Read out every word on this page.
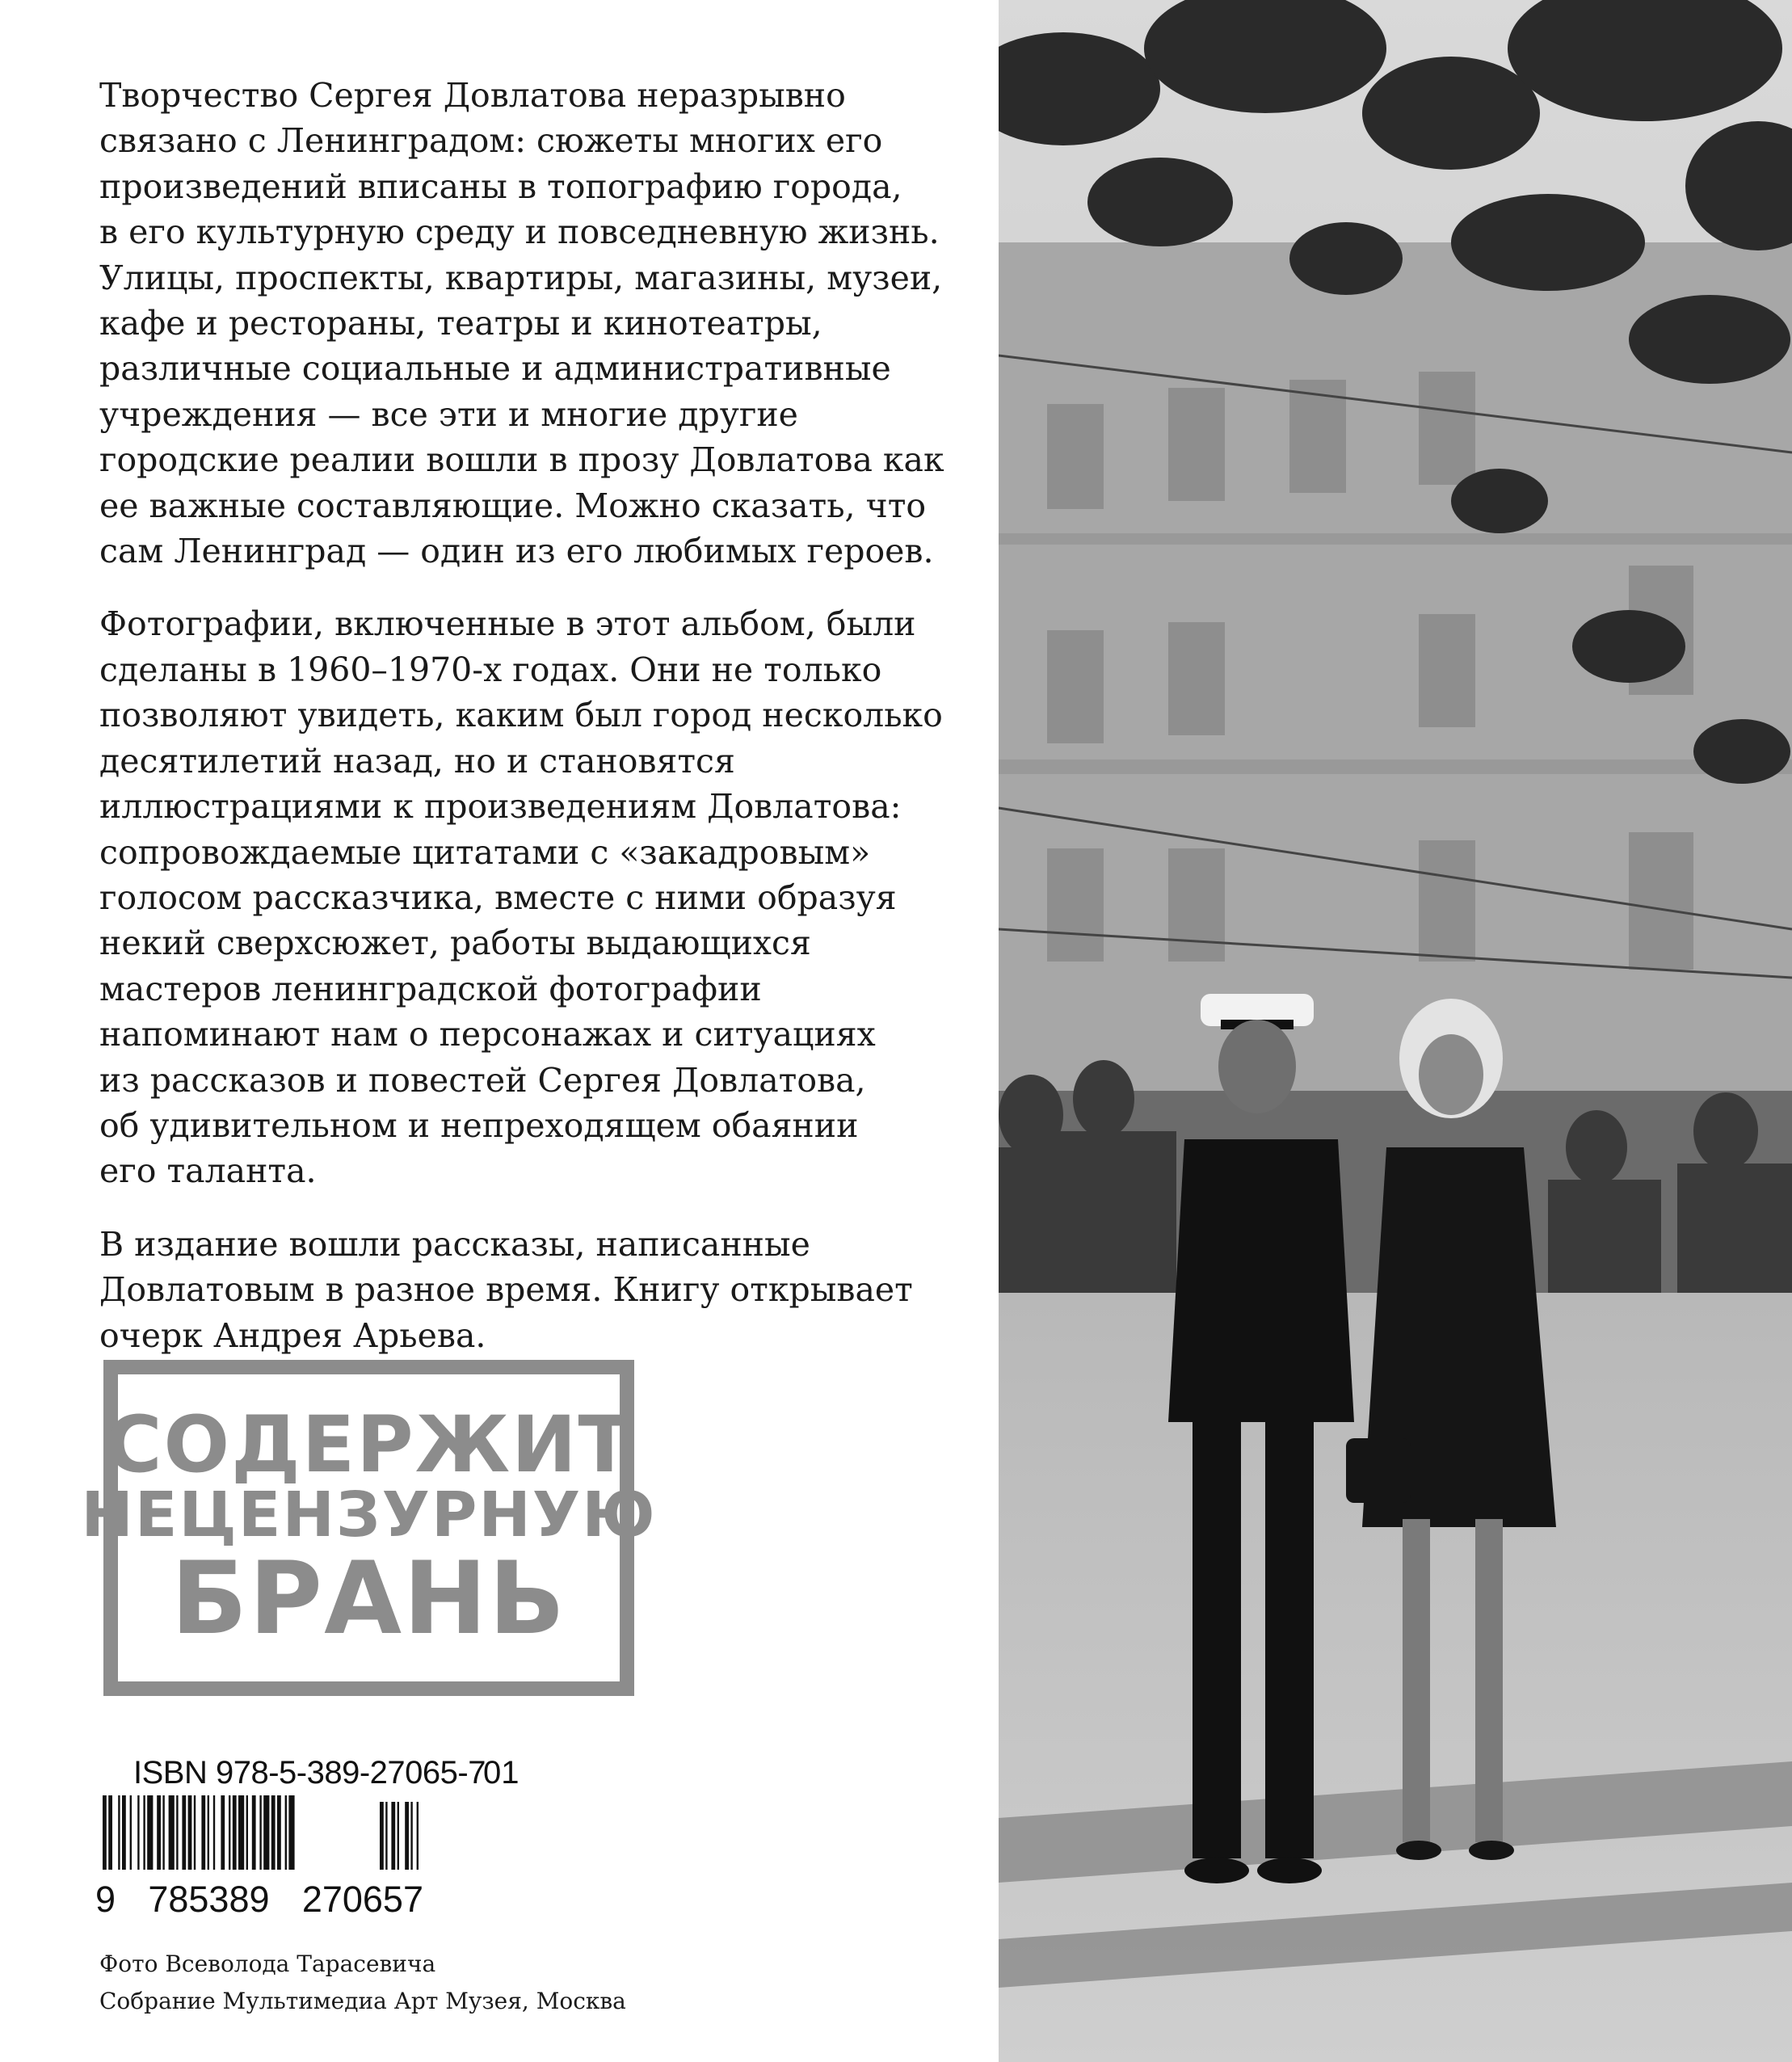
Творчество Сергея Довлатова неразрывно
связано с Ленинградом: сюжеты многих его
произведений вписаны в топографию города,
в его культурную среду и повседневную жизнь.
Улицы, проспекты, квартиры, магазины, музеи,
кафе и рестораны, театры и кинотеатры,
различные социальные и административные
учреждения — все эти и многие другие
городские реалии вошли в прозу Довлатова как
ее важные составляющие. Можно сказать, что
сам Ленинград — один из его любимых героев.

Фотографии, включенные в этот альбом, были
сделаны в 1960–1970-х годах. Они не только
позволяют увидеть, каким был город несколько
десятилетий назад, но и становятся
иллюстрациями к произведениям Довлатова:
сопровождаемые цитатами с «закадровым»
голосом рассказчика, вместе с ними образуя
некий сверхсюжет, работы выдающихся
мастеров ленинградской фотографии
напоминают нам о персонажах и ситуациях
из рассказов и повестей Сергея Довлатова,
об удивительном и непреходящем обаянии
его таланта.

В издание вошли рассказы, написанные
Довлатовым в разное время. Книгу открывает
очерк Андрея Арьева.

СОДЕРЖИТ
НЕЦЕНЗУРНУЮ
БРАНЬ
ISBN 978-5-389-27065-7
01
9 785389 270657
Фото Всеволода Тарасевича
Собрание Мультимедиа Арт Музея, Москва
